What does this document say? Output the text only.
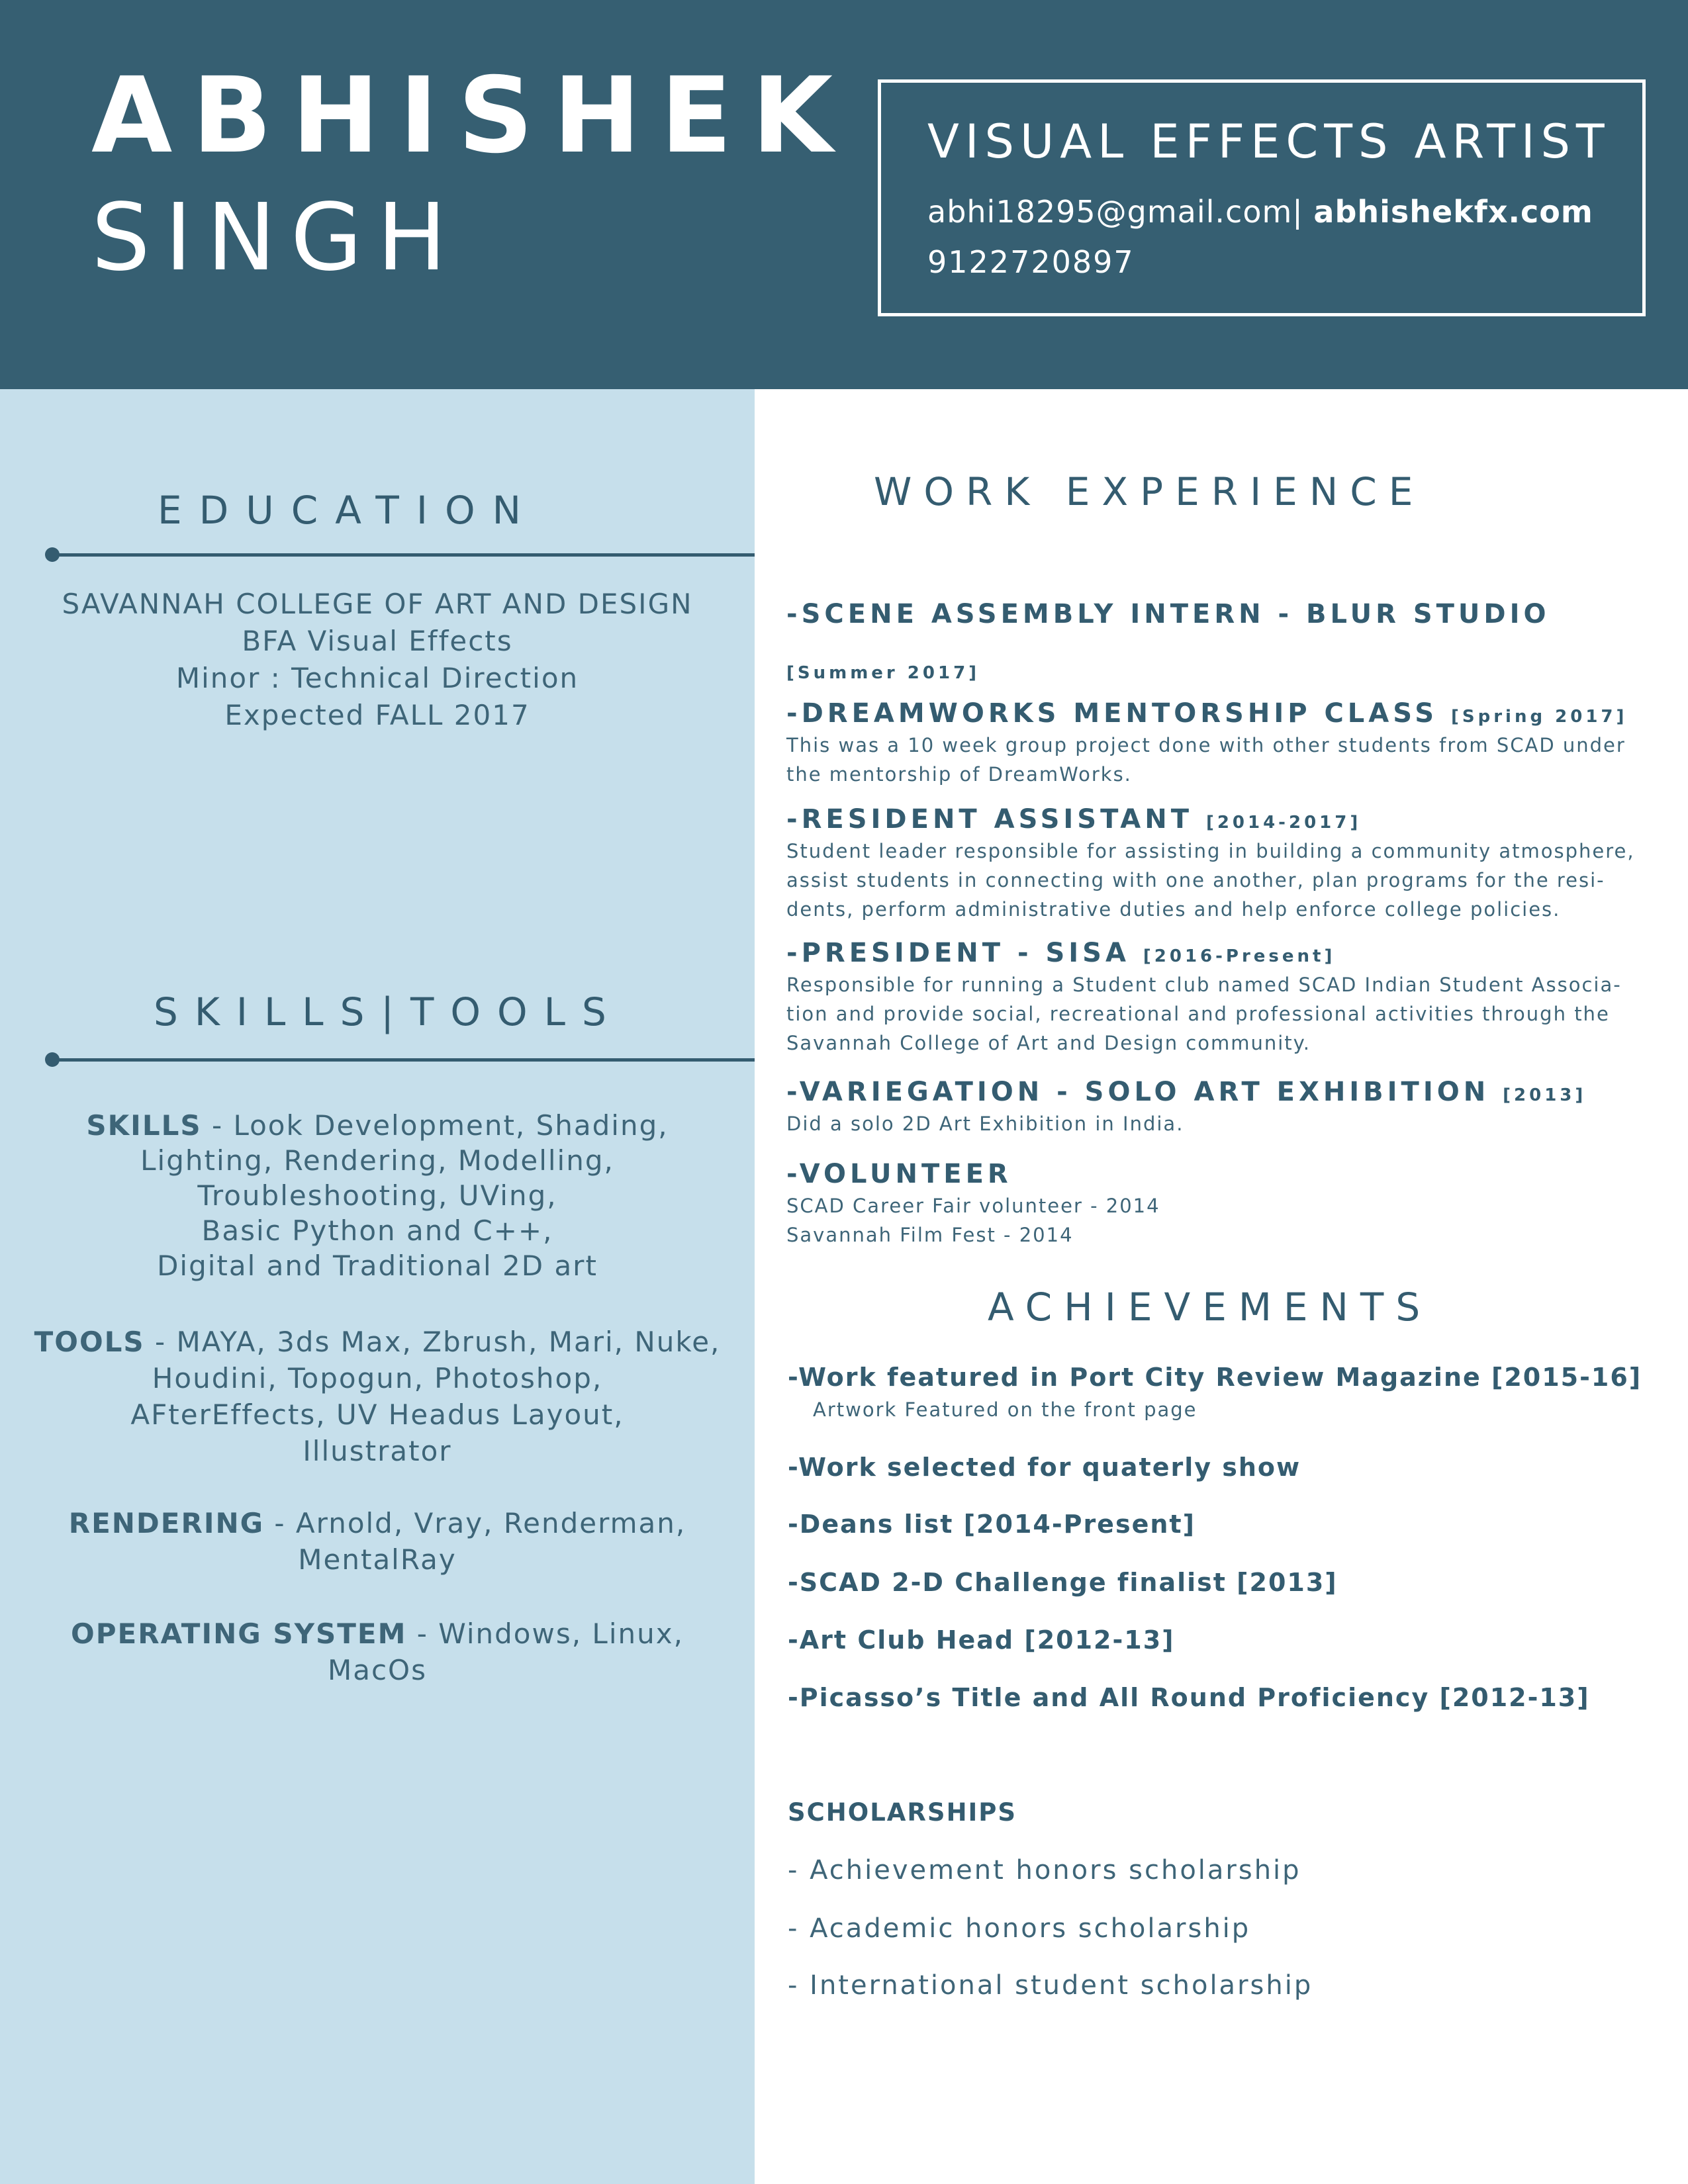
ABHISHEK
SINGH
VISUAL EFFECTS ARTIST
abhi18295@gmail.com| abhishekfx.com
9122720897
EDUCATION
SAVANNAH COLLEGE OF ART AND DESIGN
BFA Visual Effects
Minor : Technical Direction
Expected FALL 2017
SKILLS|TOOLS
SKILLS - Look Development, Shading,
Lighting, Rendering, Modelling,
Troubleshooting, UVing,
Basic Python and C++,
Digital and Traditional 2D art
TOOLS - MAYA, 3ds Max, Zbrush, Mari, Nuke,
Houdini, Topogun, Photoshop,
AFterEffects, UV Headus Layout,
Illustrator
RENDERING - Arnold, Vray, Renderman,
MentalRay
OPERATING SYSTEM - Windows, Linux,
MacOs
WORK EXPERIENCE
-SCENE ASSEMBLY INTERN - BLUR STUDIO
[Summer 2017]
-DREAMWORKS MENTORSHIP CLASS [Spring 2017]
This was a 10 week group project done with other students from SCAD under
the mentorship of DreamWorks.
-RESIDENT ASSISTANT [2014-2017]
Student leader responsible for assisting in building a community atmosphere,
assist students in connecting with one another, plan programs for the resi-
dents, perform administrative duties and help enforce college policies.
-PRESIDENT - SISA [2016-Present]
Responsible for running a Student club named SCAD Indian Student Associa-
tion and provide social, recreational and professional activities through the
Savannah College of Art and Design community.
-VARIEGATION - SOLO ART EXHIBITION [2013]
Did a solo 2D Art Exhibition in India.
-VOLUNTEER
SCAD Career Fair volunteer - 2014
Savannah Film Fest - 2014
ACHIEVEMENTS
-Work featured in Port City Review Magazine [2015-16]
Artwork Featured on the front page
-Work selected for quaterly show
-Deans list [2014-Present]
-SCAD 2-D Challenge finalist [2013]
-Art Club Head [2012-13]
-Picasso’s Title and All Round Proficiency [2012-13]
SCHOLARSHIPS
- Achievement honors scholarship
- Academic honors scholarship
- International student scholarship
